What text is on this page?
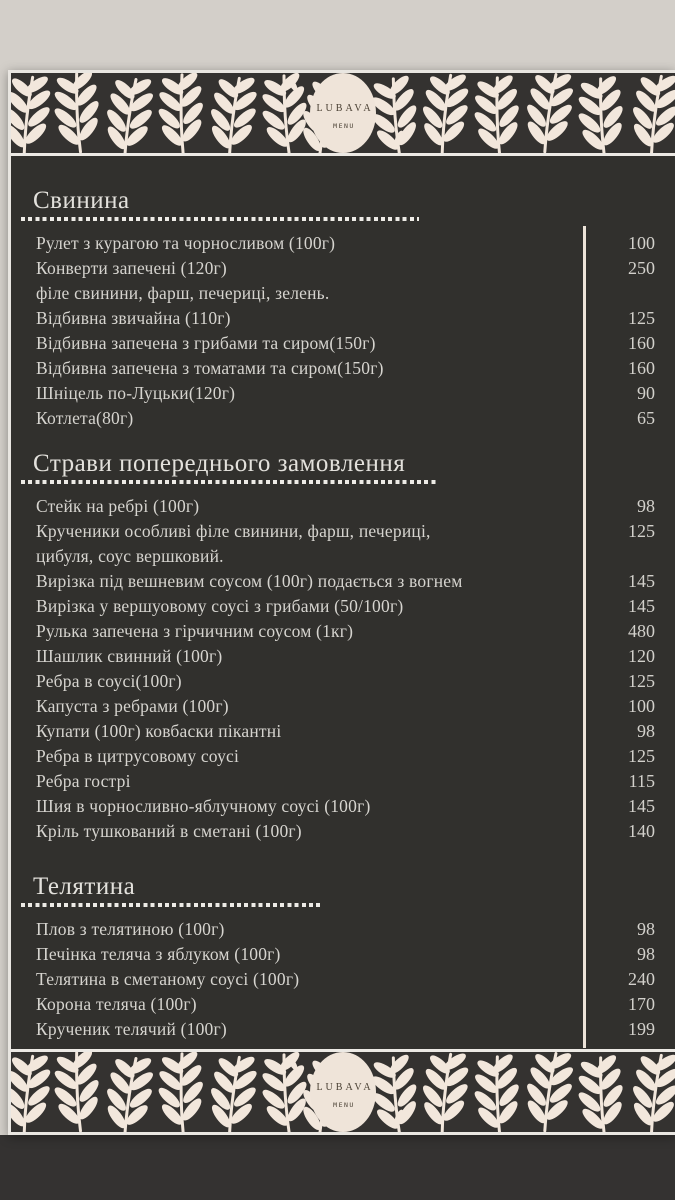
LUBAVA
MENU
Свинина
Рулет з курагою та чорносливом (100г)	100
Конверти запечені (120г)	250
філе свинини, фарш, печериці, зелень.
Відбивна звичайна (110г)	125
Відбивна запечена з грибами та сиром(150г)	160
Відбивна запечена з томатами та сиром(150г)	160
Шніцель по-Луцьки(120г)	90
Котлета(80г)	65
Страви попереднього замовлення
Стейк на ребрі (100г)	98
Крученики особливі філе свинини, фарш, печериці,	125
цибуля, соус вершковий.
Вирізка під вешневим соусом (100г) подається з вогнем	145
Вирізка у вершуовому соусі з грибами (50/100г)	145
Рулька запечена з гірчичним соусом (1кг)	480
Шашлик свинний (100г)	120
Ребра в соусі(100г)	125
Капуста з ребрами (100г)	100
Купати (100г) ковбаски пікантні	98
Ребра в цитрусовому соусі	125
Ребра гострі	115
Шия в чорносливно-яблучному соусі (100г)	145
Кріль тушкований в сметані (100г)	140
Телятина
Плов з телятиною (100г)	98
Печінка теляча з яблуком (100г)	98
Телятина в сметаному соусі (100г)	240
Корона теляча (100г)	170
Крученик телячий (100г)	199
LUBAVA
MENU
